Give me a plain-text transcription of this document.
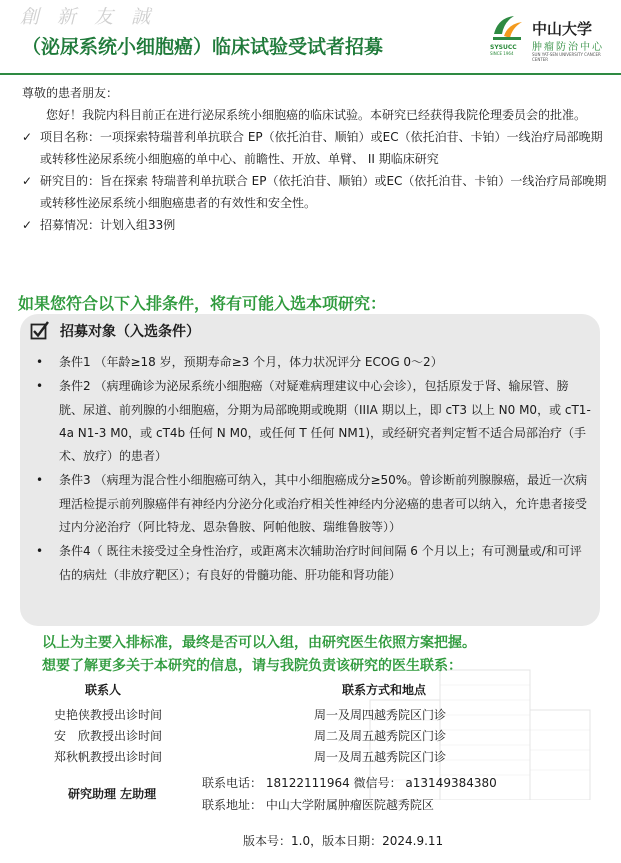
創 新 友 誠
（泌尿系统小细胞癌）临床试验受试者招募	SYSUCC
SINCE 1964
中山大学
肿瘤防治中心
SUN YAT-SEN UNIVERSITY CANCER CENTER

尊敬的患者朋友：

您好！我院内科目前正在进行泌尿系统小细胞癌的临床试验。本研究已经获得我院伦理委员会的批准。

✓ 项目名称：一项探索特瑞普利单抗联合 EP（依托泊苷、顺铂）或EC（依托泊苷、卡铂）一线治疗局部晚期或转移性泌尿系统小细胞癌的单中心、前瞻性、开放、单臂、 II 期临床研究

✓ 研究目的：旨在探索 特瑞普利单抗联合 EP（依托泊苷、顺铂）或EC（依托泊苷、卡铂）一线治疗局部晚期或转移性泌尿系统小细胞癌患者的有效性和安全性。

✓ 招募情况：计划入组33例

如果您符合以下入排条件，将有可能入选本项研究：
招募对象（入选条件）

• 条件1 （年龄≥18 岁，预期寿命≥3 个月，体力状况评分 ECOG 0～2）

• 条件2 （病理确诊为泌尿系统小细胞癌（对疑难病理建议中心会诊），包括原发于肾、输尿管、膀胱、尿道、前列腺的小细胞癌，分期为局部晚期或晚期（IIIA 期以上，即 cT3 以上 N0 M0，或 cT1-4a N1-3 M0，或 cT4b 任何 N M0，或任何 T 任何 NM1)，或经研究者判定暂不适合局部治疗（手术、放疗）的患者）

• 条件3 （病理为混合性小细胞癌可纳入，其中小细胞癌成分≥50%。曾诊断前列腺腺癌，最近一次病理活检提示前列腺癌伴有神经内分泌分化或治疗相关性神经内分泌癌的患者可以纳入，允许患者接受过内分泌治疗（阿比特龙、恩杂鲁胺、阿帕他胺、瑞维鲁胺等））

• 条件4（ 既往未接受过全身性治疗，或距离末次辅助治疗时间间隔 6 个月以上；有可测量或/和可评估的病灶（非放疗靶区）；有良好的骨髓功能、肝功能和肾功能）

以上为主要入排标准，最终是否可以入组，由研究医生依照方案把握。
想要了解更多关于本研究的信息，请与我院负责该研究的医生联系：
联系人	联系方式和地点
史艳侠教授出诊时间	周一及周四越秀院区门诊
安　欣教授出诊时间	周二及周五越秀院区门诊
郑秋帆教授出诊时间	周一及周五越秀院区门诊
研究助理 左助理
联系电话： 18122111964 微信号： a13149384380
联系地址： 中山大学附属肿瘤医院越秀院区
版本号：1.0，版本日期：2024.9.11
